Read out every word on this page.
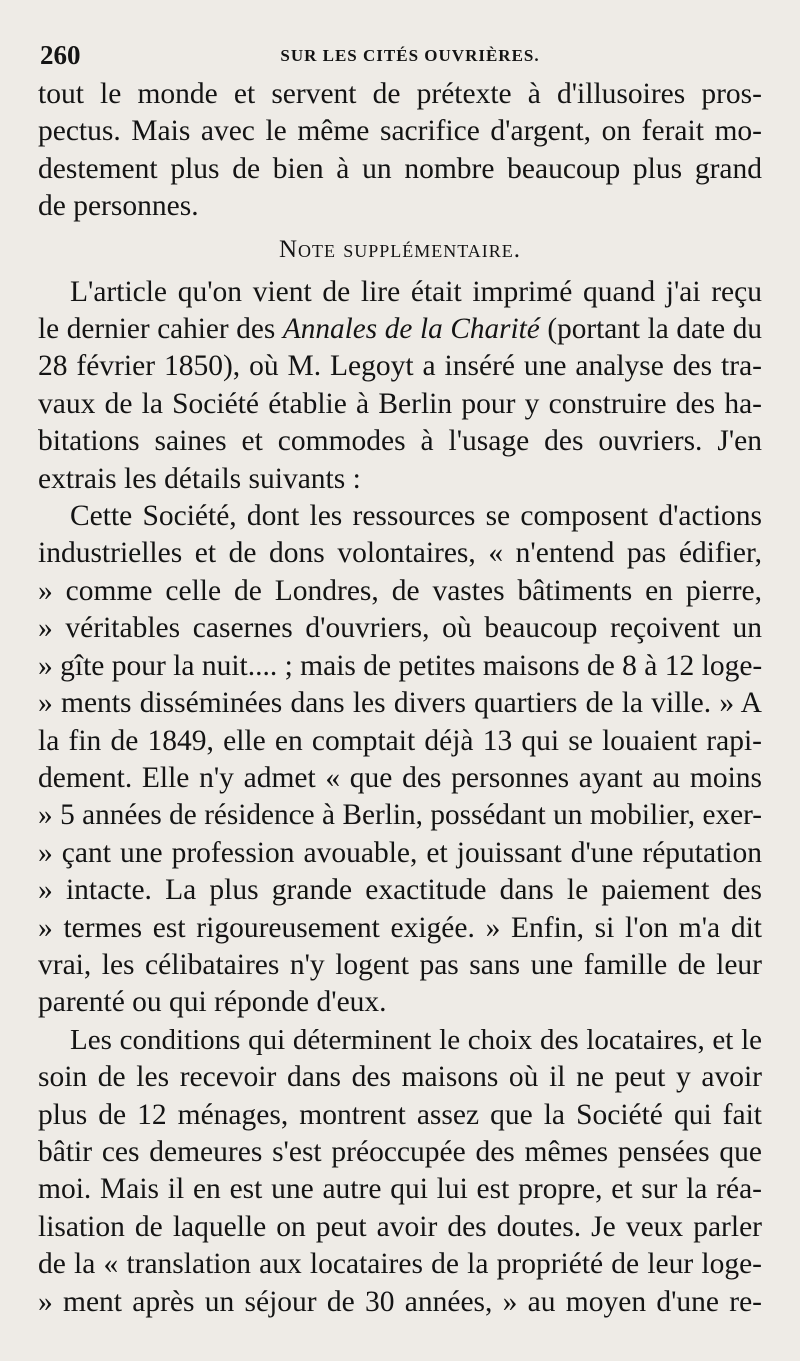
260	SUR LES CITÉS OUVRIÈRES.
tout le monde et servent de prétexte à d'illusoires pros-
pectus. Mais avec le même sacrifice d'argent, on ferait mo-
destement plus de bien à un nombre beaucoup plus grand
de personnes.
Note supplémentaire.
L'article qu'on vient de lire était imprimé quand j'ai reçu
le dernier cahier des Annales de la Charité (portant la date du
28 février 1850), où M. Legoyt a inséré une analyse des tra-
vaux de la Société établie à Berlin pour y construire des ha-
bitations saines et commodes à l'usage des ouvriers. J'en
extrais les détails suivants :
Cette Société, dont les ressources se composent d'actions
industrielles et de dons volontaires, « n'entend pas édifier,
» comme celle de Londres, de vastes bâtiments en pierre,
» véritables casernes d'ouvriers, où beaucoup reçoivent un
» gîte pour la nuit.... ; mais de petites maisons de 8 à 12 loge-
» ments disséminées dans les divers quartiers de la ville. » A
la fin de 1849, elle en comptait déjà 13 qui se louaient rapi-
dement. Elle n'y admet « que des personnes ayant au moins
» 5 années de résidence à Berlin, possédant un mobilier, exer-
» çant une profession avouable, et jouissant d'une réputation
» intacte. La plus grande exactitude dans le paiement des
» termes est rigoureusement exigée. » Enfin, si l'on m'a dit
vrai, les célibataires n'y logent pas sans une famille de leur
parenté ou qui réponde d'eux.
Les conditions qui déterminent le choix des locataires, et le
soin de les recevoir dans des maisons où il ne peut y avoir
plus de 12 ménages, montrent assez que la Société qui fait
bâtir ces demeures s'est préoccupée des mêmes pensées que
moi. Mais il en est une autre qui lui est propre, et sur la réa-
lisation de laquelle on peut avoir des doutes. Je veux parler
de la « translation aux locataires de la propriété de leur loge-
» ment après un séjour de 30 années, » au moyen d'une re-
